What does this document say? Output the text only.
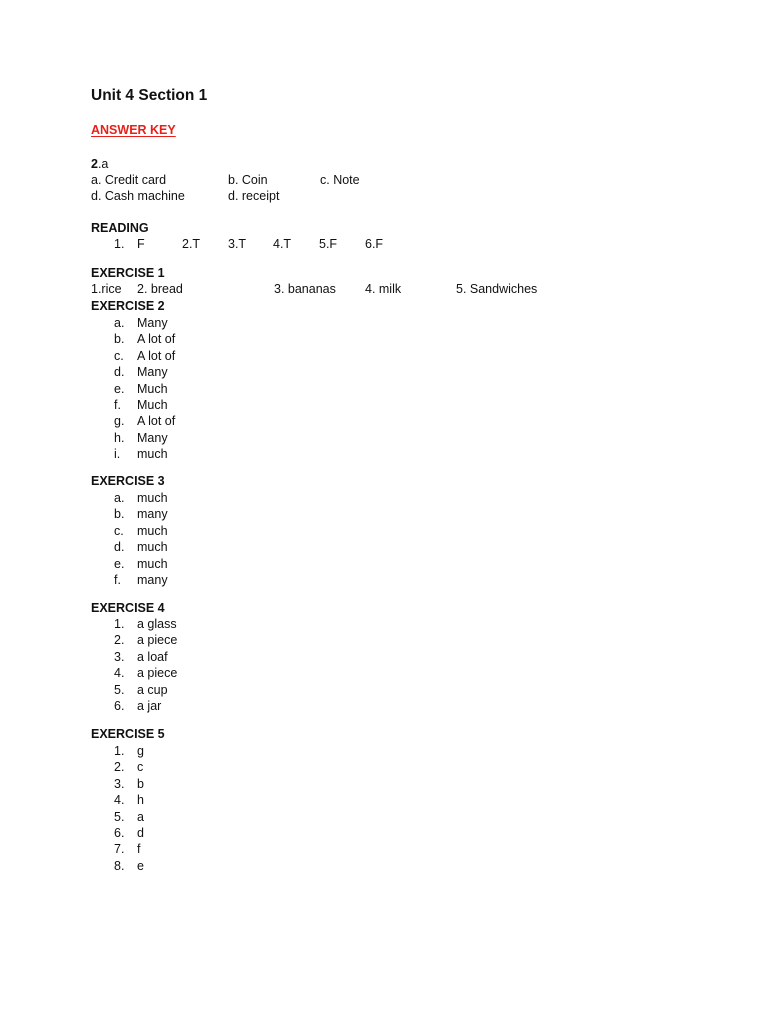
Unit 4 Section 1
ANSWER KEY
2.a
a. Credit card	b. Coin	c. Note
d. Cash machine	d. receipt
READING
1. F	2.T 3.T 4.T 5.F 6.F
EXERCISE 1
1.rice 2. bread	3. bananas 4. milk	5. Sandwiches
EXERCISE 2
a. Many
b. A lot of
c. A lot of
d. Many
e. Much
f. Much
g. A lot of
h. Many
i. much
EXERCISE 3
a. much
b. many
c. much
d. much
e. much
f. many
EXERCISE 4
1. a glass
2. a piece
3. a loaf
4. a piece
5. a cup
6. a jar
EXERCISE 5
1. g
2. c
3. b
4. h
5. a
6. d
7. f
8. e
